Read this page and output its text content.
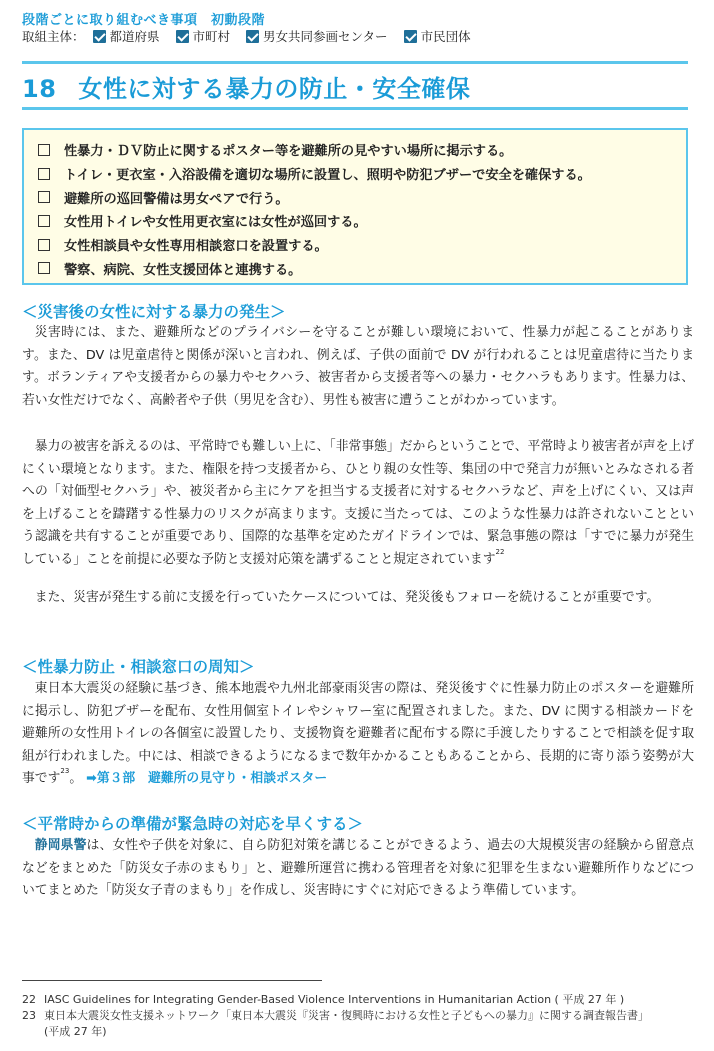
段階ごとに取り組むべき事項　初動段階
取組主体： 都道府県	市町村	男女共同参画センター	市民団体
18 女性に対する暴力の防止・安全確保
性暴力・ＤＶ防止に関するポスター等を避難所の見やすい場所に掲示する。
トイレ・更衣室・入浴設備を適切な場所に設置し、照明や防犯ブザーで安全を確保する。
避難所の巡回警備は男女ペアで行う。
女性用トイレや女性用更衣室には女性が巡回する。
女性相談員や女性専用相談窓口を設置する。
警察、病院、女性支援団体と連携する。
＜災害後の女性に対する暴力の発生＞
災害時には、また、避難所などのプライバシーを守ることが難しい環境において、性暴力が起こることがあります。また、DV は児童虐待と関係が深いと言われ、例えば、子供の面前で DV が行われることは児童虐待に当たります。ボランティアや支援者からの暴力やセクハラ、被害者から支援者等への暴力・セクハラもあります。性暴力は、若い女性だけでなく、高齢者や子供（男児を含む）、男性も被害に遭うことがわかっています。
暴力の被害を訴えるのは、平常時でも難しい上に、「非常事態」だからということで、平常時より被害者が声を上げにくい環境となります。また、権限を持つ支援者から、ひとり親の女性等、集団の中で発言力が無いとみなされる者への「対価型セクハラ」や、被災者から主にケアを担当する支援者に対するセクハラなど、声を上げにくい、又は声を上げることを躊躇する性暴力のリスクが高まります。支援に当たっては、このような性暴力は許されないことという認識を共有することが重要であり、国際的な基準を定めたガイドラインでは、緊急事態の際は「すでに暴力が発生している」ことを前提に必要な予防と支援対応策を講ずることと規定されています$^{22}$
また、災害が発生する前に支援を行っていたケースについては、発災後もフォローを続けることが重要です。
＜性暴力防止・相談窓口の周知＞
東日本大震災の経験に基づき、熊本地震や九州北部豪雨災害の際は、発災後すぐに性暴力防止のポスターを避難所に掲示し、防犯ブザーを配布、女性用個室トイレやシャワー室に配置されました。また、DV に関する相談カードを避難所の女性用トイレの各個室に設置したり、支援物資を避難者に配布する際に手渡したりすることで相談を促す取組が行われました。中には、相談できるようになるまで数年かかることもあることから、長期的に寄り添う姿勢が大事です$^{23}$。 ➡第３部　避難所の見守り・相談ポスター
＜平常時からの準備が緊急時の対応を早くする＞
静岡県警は、女性や子供を対象に、自ら防犯対策を講じることができるよう、過去の大規模災害の経験から留意点などをまとめた「防災女子赤のまもり」と、避難所運営に携わる管理者を対象に犯罪を生まない避難所作りなどについてまとめた「防災女子青のまもり」を作成し、災害時にすぐに対応できるよう準備しています。
22 IASC Guidelines for Integrating Gender-Based Violence Interventions in Humanitarian Action ( 平成 27 年 )
23 東日本大震災女性支援ネットワーク「東日本大震災『災害・復興時における女性と子どもへの暴力』に関する調査報告書」
(平成 27 年)
